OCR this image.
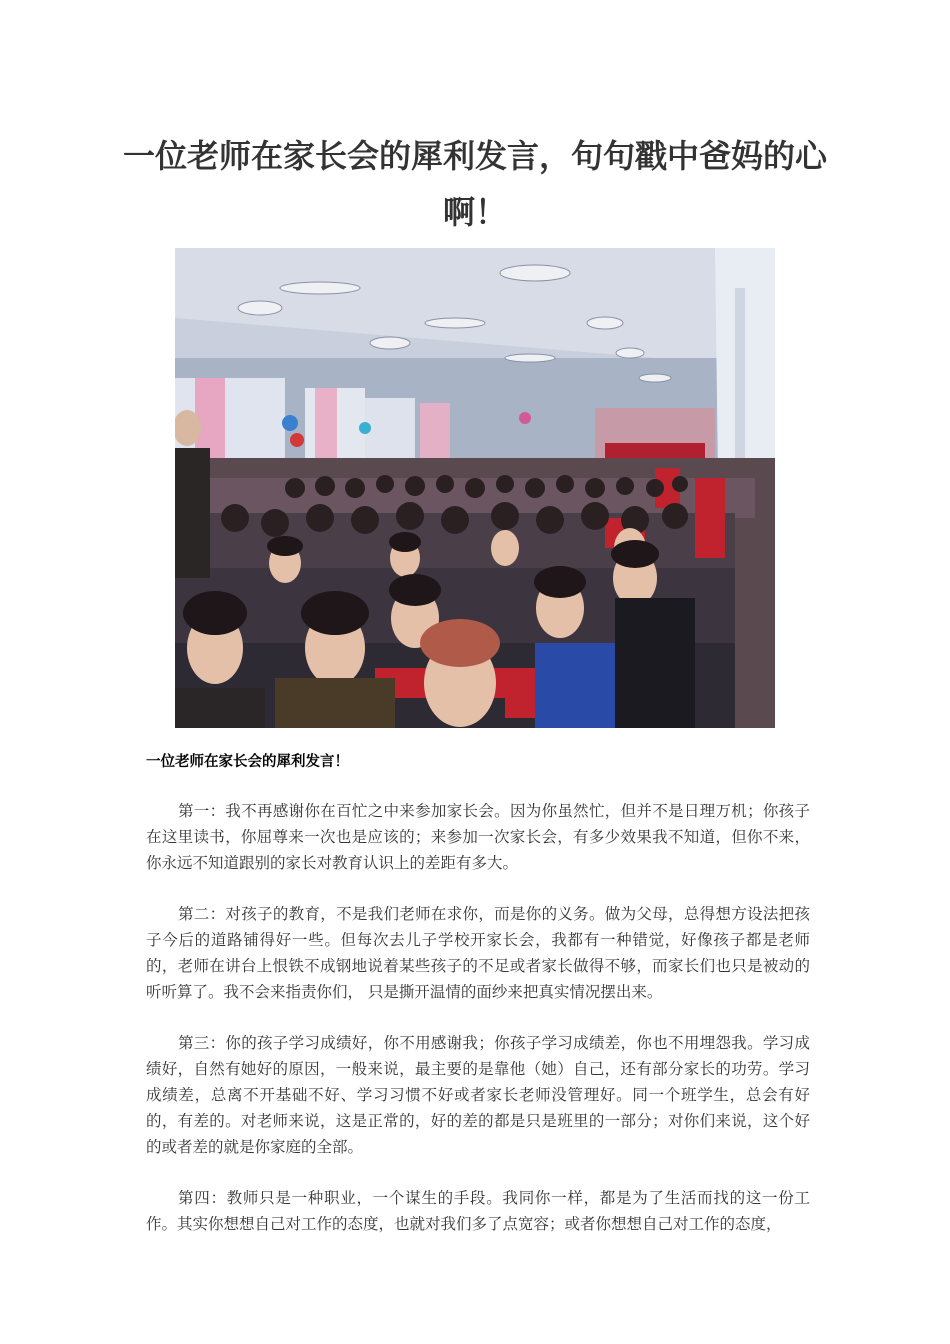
一位老师在家长会的犀利发言，句句戳中爸妈的心啊！
一位老师在家长会的犀利发言！

第一：我不再感谢你在百忙之中来参加家长会。因为你虽然忙，但并不是日理万机；你孩子在这里读书，你屈尊来一次也是应该的；来参加一次家长会，有多少效果我不知道，但你不来，你永远不知道跟别的家长对教育认识上的差距有多大。

第二：对孩子的教育，不是我们老师在求你，而是你的义务。做为父母，总得想方设法把孩子今后的道路铺得好一些。但每次去儿子学校开家长会，我都有一种错觉，好像孩子都是老师的，老师在讲台上恨铁不成钢地说着某些孩子的不足或者家长做得不够，而家长们也只是被动的听听算了。我不会来指责你们， 只是撕开温情的面纱来把真实情况摆出来。

第三：你的孩子学习成绩好，你不用感谢我；你孩子学习成绩差，你也不用埋怨我。学习成绩好，自然有她好的原因，一般来说，最主要的是靠他（她）自己，还有部分家长的功劳。学习成绩差，总离不开基础不好、学习习惯不好或者家长老师没管理好。同一个班学生，总会有好的，有差的。对老师来说，这是正常的，好的差的都是只是班里的一部分；对你们来说，这个好的或者差的就是你家庭的全部。

第四：教师只是一种职业，一个谋生的手段。我同你一样，都是为了生活而找的这一份工作。其实你想想自己对工作的态度，也就对我们多了点宽容；或者你想想自己对工作的态度，
